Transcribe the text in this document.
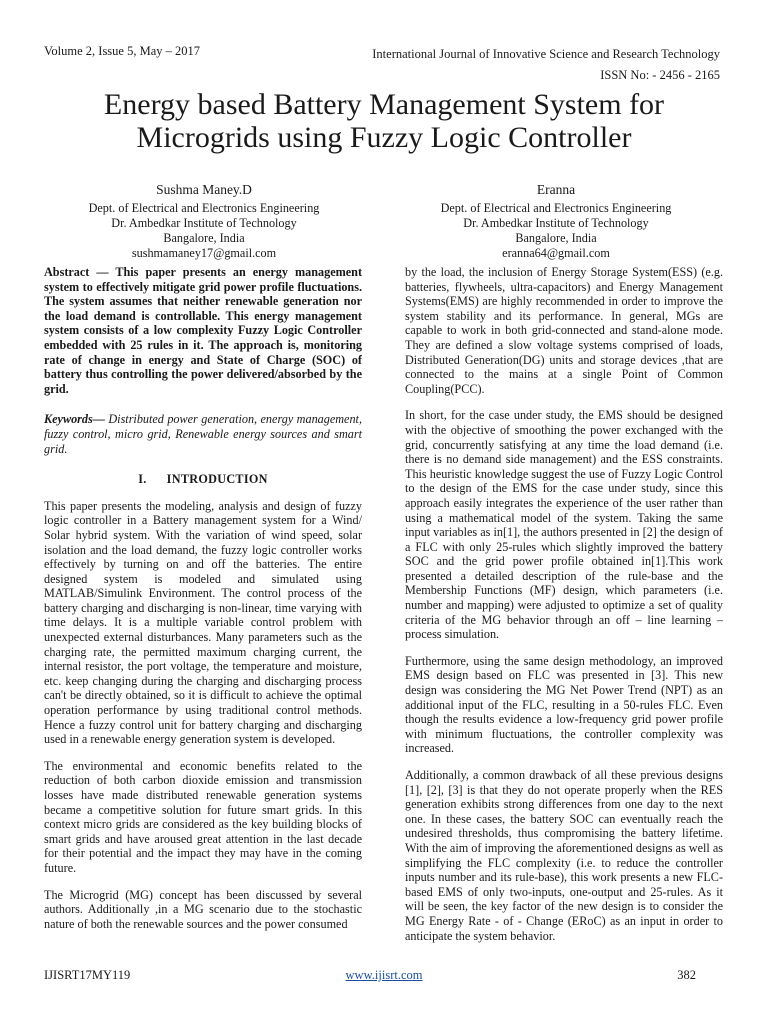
Volume 2, Issue 5, May – 2017	International Journal of Innovative Science and Research Technology
ISSN No: - 2456 - 2165
Energy based Battery Management System for Microgrids using Fuzzy Logic Controller
Sushma Maney.D
Dept. of Electrical and Electronics Engineering
Dr. Ambedkar Institute of Technology
Bangalore, India
sushmamaney17@gmail.com
Eranna
Dept. of Electrical and Electronics Engineering
Dr. Ambedkar Institute of Technology
Bangalore, India
eranna64@gmail.com

Abstract — This paper presents an energy management system to effectively mitigate grid power profile fluctuations. The system assumes that neither renewable generation nor the load demand is controllable. This energy management system consists of a low complexity Fuzzy Logic Controller embedded with 25 rules in it. The approach is, monitoring rate of change in energy and State of Charge (SOC) of battery thus controlling the power delivered/absorbed by the grid.

Keywords— Distributed power generation, energy management, fuzzy control, micro grid, Renewable energy sources and smart grid.

I.      INTRODUCTION

This paper presents the modeling, analysis and design of fuzzy logic controller in a Battery management system for a Wind/ Solar hybrid system. With the variation of wind speed, solar isolation and the load demand, the fuzzy logic controller works effectively by turning on and off the batteries. The entire designed system is modeled and simulated using MATLAB/Simulink Environment. The control process of the battery charging and discharging is non-linear, time varying with time delays. It is a multiple variable control problem with unexpected external disturbances. Many parameters such as the charging rate, the permitted maximum charging current, the internal resistor, the port voltage, the temperature and moisture, etc. keep changing during the charging and discharging process can't be directly obtained, so it is difficult to achieve the optimal operation performance by using traditional control methods. Hence a fuzzy control unit for battery charging and discharging used in a renewable energy generation system is developed.

The environmental and economic benefits related to the reduction of both carbon dioxide emission and transmission losses have made distributed renewable generation systems became a competitive solution for future smart grids. In this context micro grids are considered as the key building blocks of smart grids and have aroused great attention in the last decade for their potential and the impact they may have in the coming future.

The Microgrid (MG) concept has been discussed by several authors. Additionally ,in a MG scenario due to the stochastic nature of both the renewable sources and the power consumed

by the load, the inclusion of Energy Storage System(ESS) (e.g. batteries, flywheels, ultra-capacitors) and Energy Management Systems(EMS) are highly recommended in order to improve the system stability and its performance. In general, MGs are capable to work in both grid-connected and stand-alone mode. They are defined a slow voltage systems comprised of loads, Distributed Generation(DG) units and storage devices ,that are connected to the mains at a single Point of Common Coupling(PCC).

In short, for the case under study, the EMS should be designed with the objective of smoothing the power exchanged with the grid, concurrently satisfying at any time the load demand (i.e. there is no demand side management) and the ESS constraints. This heuristic knowledge suggest the use of Fuzzy Logic Control to the design of the EMS for the case under study, since this approach easily integrates the experience of the user rather than using a mathematical model of the system. Taking the same input variables as in[1], the authors presented in [2] the design of a FLC with only 25-rules which slightly improved the battery SOC and the grid power profile obtained in[1].This work presented a detailed description of the rule-base and the Membership Functions (MF) design, which parameters (i.e. number and mapping) were adjusted to optimize a set of quality criteria of the MG behavior through an off – line learning – process simulation.

Furthermore, using the same design methodology, an improved EMS design based on FLC was presented in [3]. This new design was considering the MG Net Power Trend (NPT) as an additional input of the FLC, resulting in a 50-rules FLC. Even though the results evidence a low-frequency grid power profile with minimum fluctuations, the controller complexity was increased.

Additionally, a common drawback of all these previous designs [1], [2], [3] is that they do not operate properly when the RES generation exhibits strong differences from one day to the next one. In these cases, the battery SOC can eventually reach the undesired thresholds, thus compromising the battery lifetime. With the aim of improving the aforementioned designs as well as simplifying the FLC complexity (i.e. to reduce the controller inputs number and its rule-base), this work presents a new FLC-based EMS of only two-inputs, one-output and 25-rules. As it will be seen, the key factor of the new design is to consider the MG Energy Rate - of - Change (ERoC) as an input in order to anticipate the system behavior.

IJISRT17MY119	www.ijisrt.com	382
